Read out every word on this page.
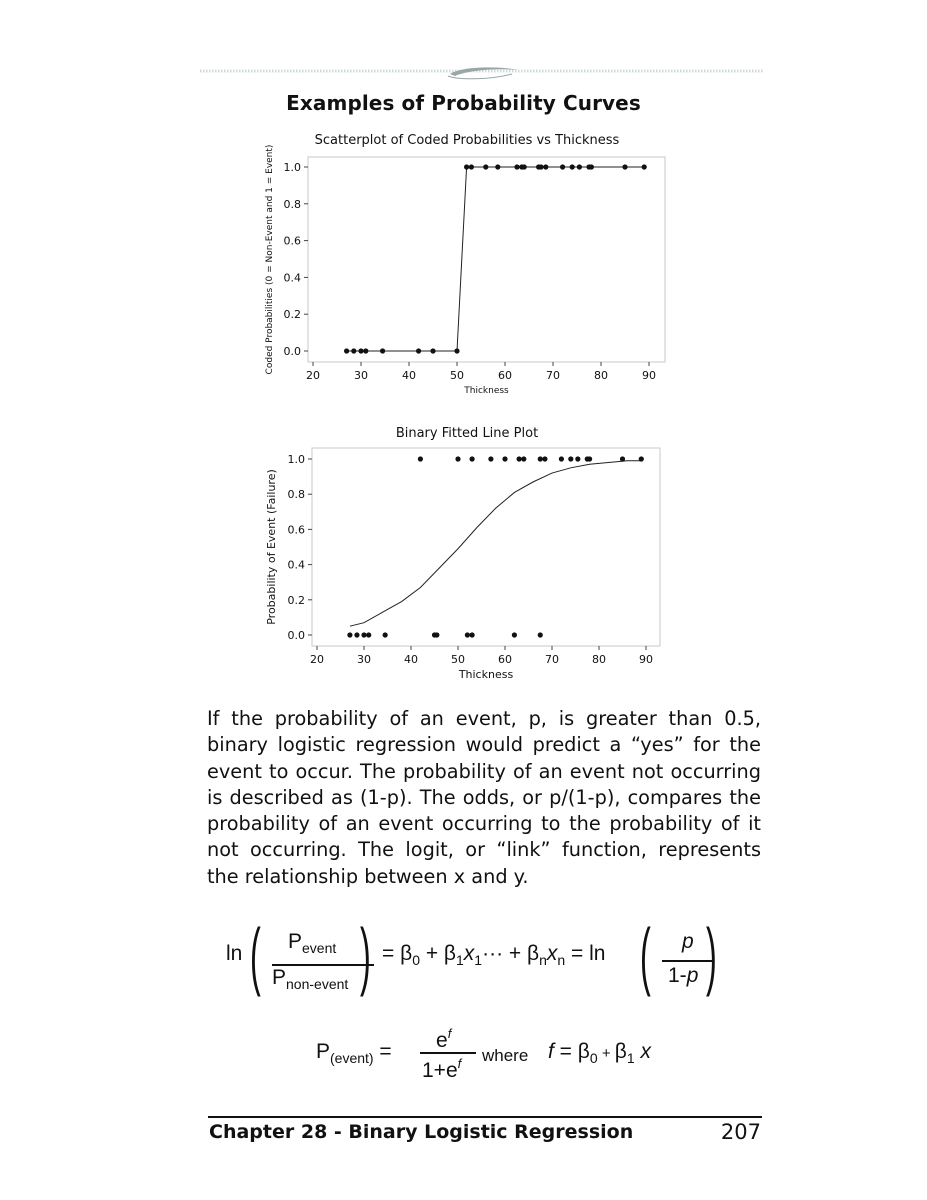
Examples of Probability Curves
Scatterplot of Coded Probabilities vs Thickness
0.0
0.2
0.4
0.6
0.8
1.0
20	30	40	50	60	70	80	90
Thickness
Coded Probabilities (0 = Non-Event and 1 = Event)
Binary Fitted Line Plot
0.0
0.2
0.4
0.6
0.8
1.0
20	30	40	50	60	70	80	90
Thickness
Probability of Event (Failure)

If the probability of an event, p, is greater than 0.5, binary logistic regression would predict a “yes” for the event to occur. The probability of an event not occurring is described as (1-p). The odds, or p/(1-p), compares the probability of an event occurring to the probability of it not occurring. The logit, or “link” function, represents the relationship between x and y.

ln ( $P_{event}$
$P_{non-event}$ ) = $\beta_0 + \beta_1x_1\cdot\cdot\cdot + \beta_nx_n = \ln$ ( p
1-p )
$P_{(event)} = e^f$
$1+e^f$ where $f = \beta_0 + \beta_1$ x
Chapter 28 - Binary Logistic Regression	207
